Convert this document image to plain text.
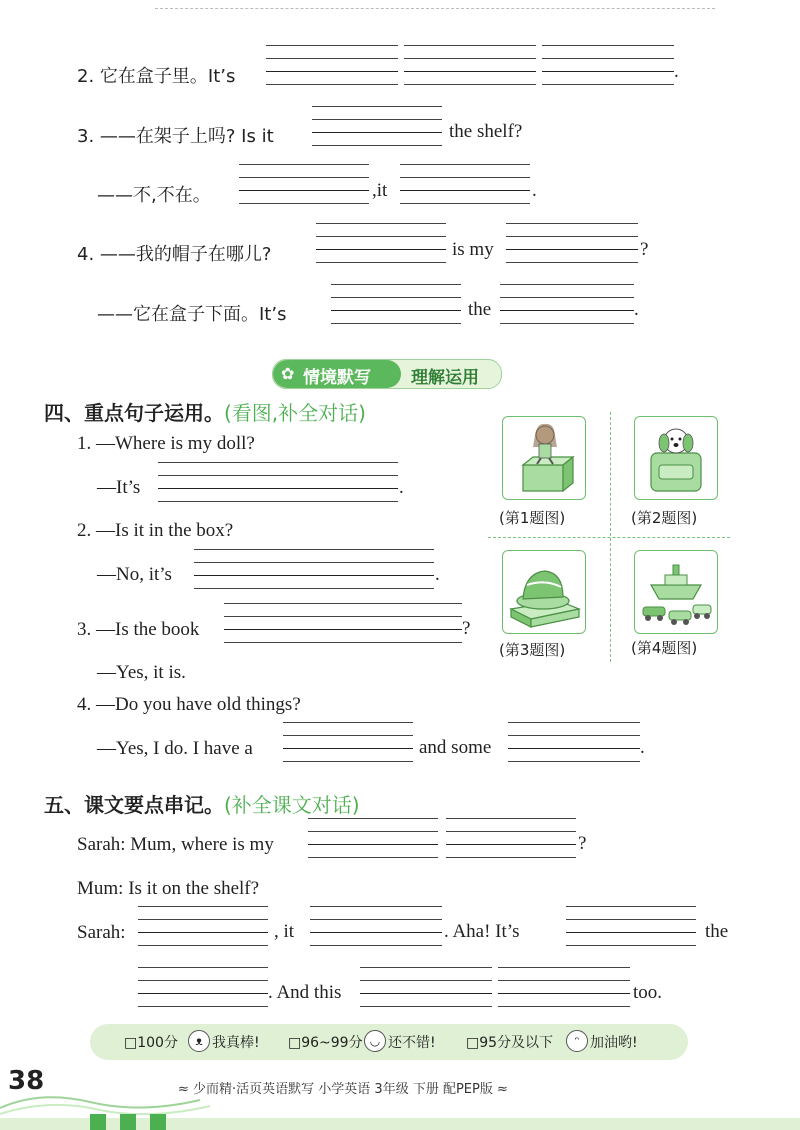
2. 它在盒子里。It’s	.
3. ——在架子上吗? Is it	the shelf?
——不,不在。	,it	.
4. ——我的帽子在哪儿?	is my	?
——它在盒子下面。It’s	the	.
✿ 情境默写 理解运用
四、重点句子运用。(看图,补全对话)
1. —Where is my doll?
—It’s	.
2. —Is it in the box?
—No, it’s	.
3. —Is the book	?
—Yes, it is.
4. —Do you have old things?
—Yes, I do. I have a	and some	.
(第1题图)	(第2题图)
(第3题图)	(第4题图)
五、课文要点串记。(补全课文对话)
Sarah: Mum, where is my	?
Mum: Is it on the shelf?
Sarah:	, it	. Aha! It’s	the
. And this	too.
□100分	ᴥ 我真棒! □96~99分 ◡ 还不错! □95分及以下	ᵔ 加油哟!
38	≈ 少而精·活页英语默写 小学英语 3年级 下册 配PEP版 ≈
